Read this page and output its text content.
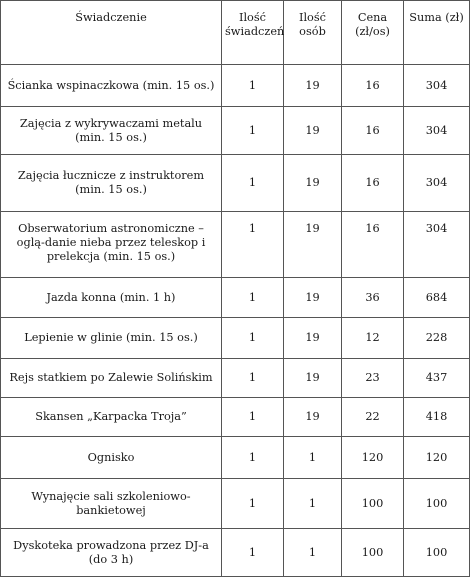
Świadczenie	Ilość świadczeń	Ilość osób	Cena (zł/os)	Suma (zł)
Ścianka wspinaczkowa (min. 15 os.)	1	19	16	304
Zajęcia z wykrywaczami metalu (min. 15 os.)	1	19	16	304
Zajęcia łucznicze z instruktorem (min. 15 os.)	1	19	16	304
Obserwatorium astronomiczne – oglą-danie nieba przez teleskop i prelekcja (min. 15 os.)	1	19	16	304
Jazda konna (min. 1 h)	1	19	36	684
Lepienie w glinie (min. 15 os.)	1	19	12	228
Rejs statkiem po Zalewie Solińskim	1	19	23	437
Skansen „Karpacka Troja”	1	19	22	418
Ognisko	1	1	120	120
Wynajęcie sali szkoleniowo-bankietowej	1	1	100	100
Dyskoteka prowadzona przez DJ-a (do 3 h)	1	1	100	100
